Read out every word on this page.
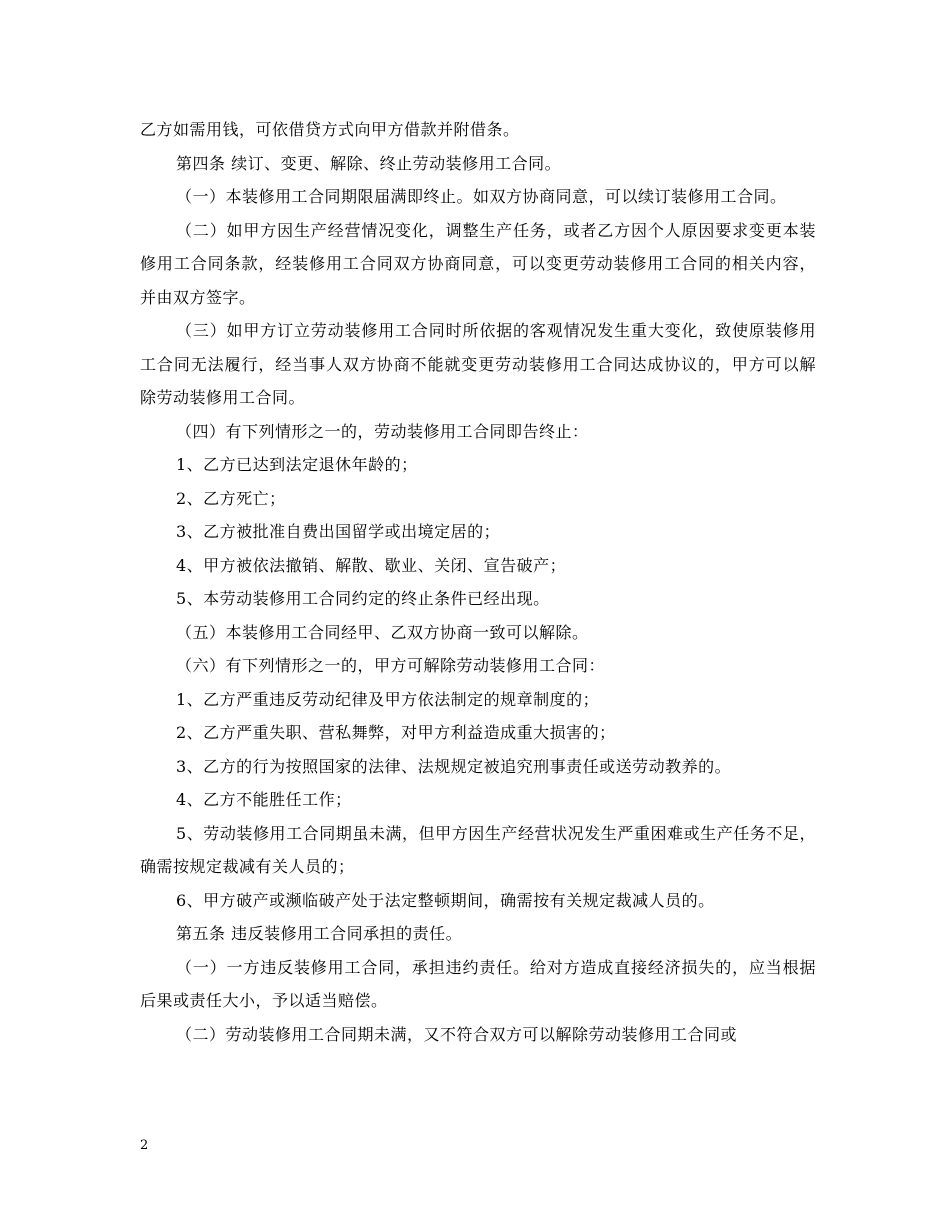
乙方如需用钱，可依借贷方式向甲方借款并附借条。

第四条 续订、变更、解除、终止劳动装修用工合同。

（一）本装修用工合同期限届满即终止。如双方协商同意，可以续订装修用工合同。

（二）如甲方因生产经营情况变化，调整生产任务，或者乙方因个人原因要求变更本装修用工合同条款，经装修用工合同双方协商同意，可以变更劳动装修用工合同的相关内容，并由双方签字。

（三）如甲方订立劳动装修用工合同时所依据的客观情况发生重大变化，致使原装修用工合同无法履行，经当事人双方协商不能就变更劳动装修用工合同达成协议的，甲方可以解除劳动装修用工合同。

（四）有下列情形之一的，劳动装修用工合同即告终止：

1、乙方已达到法定退休年龄的；

2、乙方死亡；

3、乙方被批准自费出国留学或出境定居的；

4、甲方被依法撤销、解散、歇业、关闭、宣告破产；

5、本劳动装修用工合同约定的终止条件已经出现。

（五）本装修用工合同经甲、乙双方协商一致可以解除。

（六）有下列情形之一的，甲方可解除劳动装修用工合同：

1、乙方严重违反劳动纪律及甲方依法制定的规章制度的；

2、乙方严重失职、营私舞弊，对甲方利益造成重大损害的；

3、乙方的行为按照国家的法律、法规规定被追究刑事责任或送劳动教养的。

4、乙方不能胜任工作；

5、劳动装修用工合同期虽未满，但甲方因生产经营状况发生严重困难或生产任务不足，确需按规定裁减有关人员的；

6、甲方破产或濒临破产处于法定整顿期间，确需按有关规定裁减人员的。

第五条 违反装修用工合同承担的责任。

（一）一方违反装修用工合同，承担违约责任。给对方造成直接经济损失的，应当根据后果或责任大小，予以适当赔偿。

（二）劳动装修用工合同期未满，又不符合双方可以解除劳动装修用工合同或

2
